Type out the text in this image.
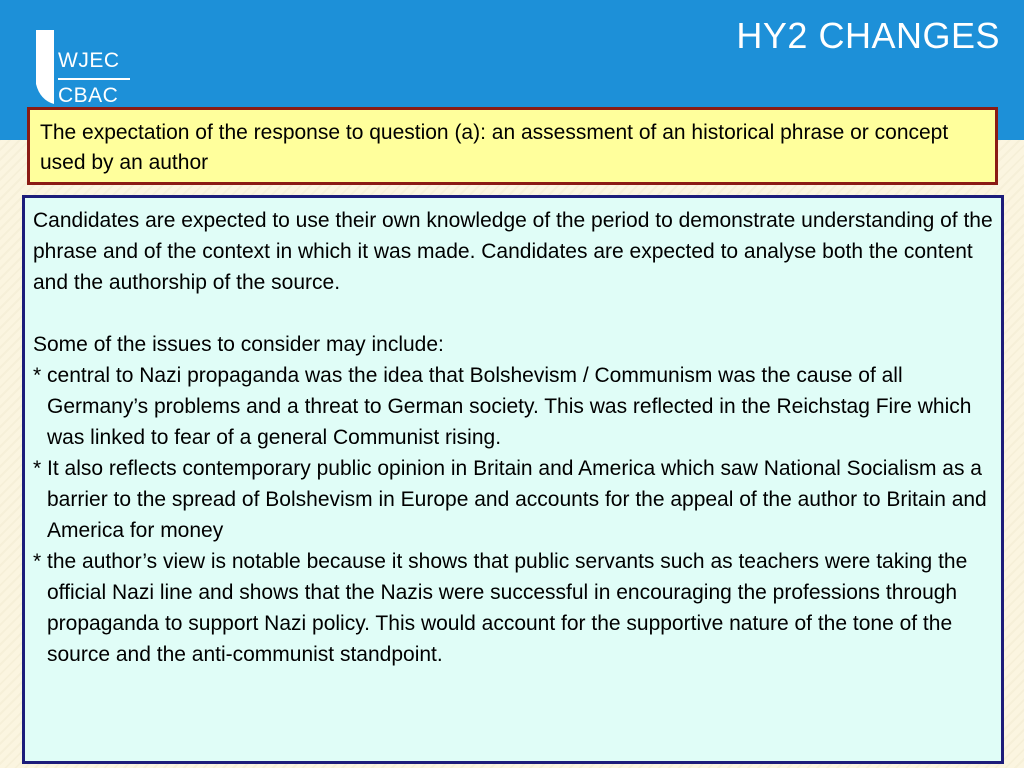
WJEC
CBAC
HY2 CHANGES

The expectation of the response to question (a): an assessment of an historical phrase or concept used by an author

Candidates are expected to use their own knowledge of the period to demonstrate understanding of the phrase and of the context in which it was made. Candidates are expected to analyse both the content and the authorship of the source.

Some of the issues to consider may include:

* central to Nazi propaganda was the idea that Bolshevism / Communism was the cause of all Germany’s problems and a threat to German society. This was reflected in the Reichstag Fire which was linked to fear of a general Communist rising.

* It also reflects contemporary public opinion in Britain and America which saw National Socialism as a barrier to the spread of Bolshevism in Europe and accounts for the appeal of the author to Britain and America for money

* the author’s view is notable because it shows that public servants such as teachers were taking the official Nazi line and shows that the Nazis were successful in encouraging the professions through propaganda to support Nazi policy. This would account for the supportive nature of the tone of the source and the anti-communist standpoint.
